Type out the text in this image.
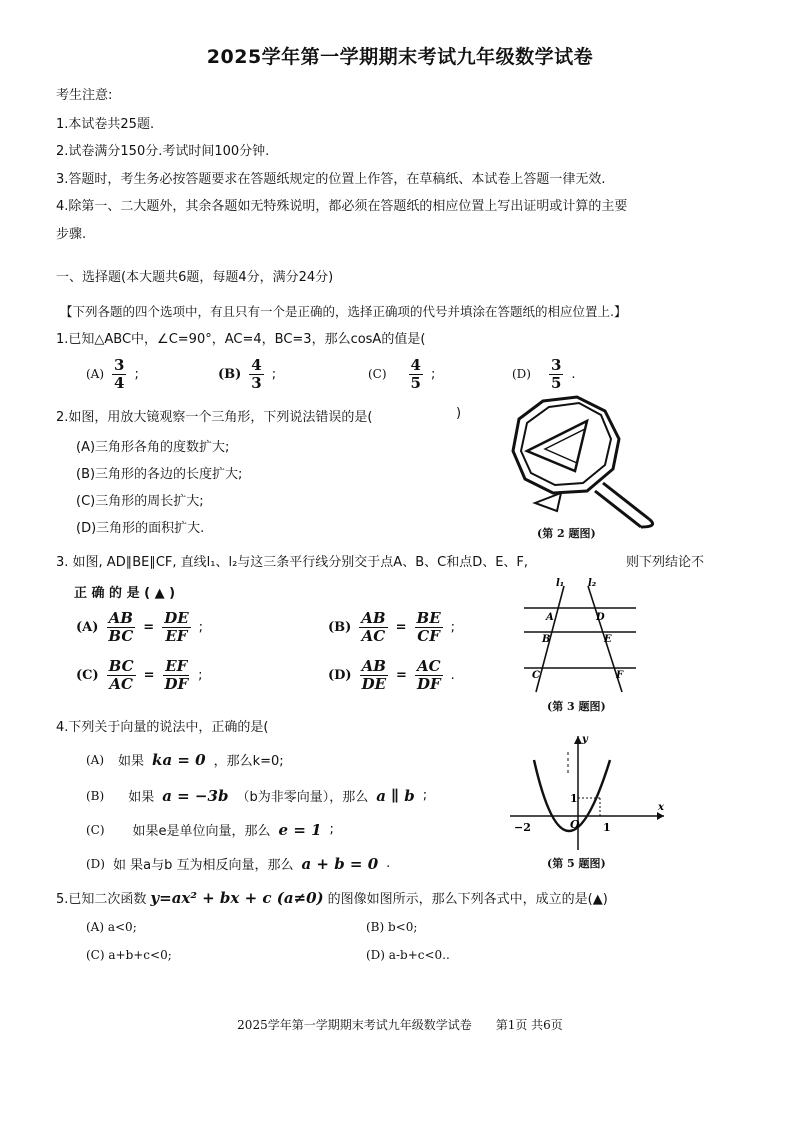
2025学年第一学期期末考试九年级数学试卷
考生注意:
1.本试卷共25题.
2.试卷满分150分.考试时间100分钟.
3.答题时，考生务必按答题要求在答题纸规定的位置上作答，在草稿纸、本试卷上答题一律无效.
4.除第一、二大题外，其余各题如无特殊说明，都必须在答题纸的相应位置上写出证明或计算的主要
步骤.
一、选择题(本大题共6题，每题4分，满分24分)
【下列各题的四个选项中，有且只有一个是正确的，选择正确项的代号并填涂在答题纸的相应位置上.】
1.已知△ABC中，∠C=90°，AC=4，BC=3，那么cosA的值是(
$(A) \frac{3}{4}$ ;	$(B) \frac{4}{3}$ ;	$(C) \frac{4}{5}$ ;	$(D) \frac{3}{5}$ .
2.如图，用放大镜观察一个三角形，下列说法错误的是(	)
(A)三角形各角的度数扩大;
(B)三角形的各边的长度扩大;
(C)三角形的周长扩大;
(D)三角形的面积扩大.	(第 2 题图)
3. 如图, AD∥BE∥CF, 直线l₁、l₂与这三条平行线分别交于点A、B、C和点D、E、F,	则下列结论不
正 确 的 是 ( ▲ )
$(A) \frac{AB}{BC} = \frac{DE}{EF}$ ;	$(B) \frac{AB}{AC} = \frac{BE}{CF}$ ;
$(C) \frac{BC}{AC} = \frac{EF}{DF}$ ;	$(D) \frac{AB}{DE} = \frac{AC}{DF}$ .
l₁ l₂
A	D
B	E
C	F
(第 3 题图)
4.下列关于向量的说法中，正确的是(
(A) 如果 ka = 0 ，那么k=0;
(B) 如果 a = −3b （b为非零向量），那么 a ∥ b ;
(C) 如果e是单位向量，那么 e = 1 ;
(D) 如 果a与b 互为相反向量，那么 a + b = 0 .
y
x
−2	O 1
1
(第 5 题图)
5.已知二次函数 y=ax² + bx + c (a≠0) 的图像如图所示，那么下列各式中，成立的是(▲)
(A) a<0;	(B) b<0;
(C) a+b+c<0;	(D) a-b+c<0..
2025学年第一学期期末考试九年级数学试卷　　第1页 共6页
